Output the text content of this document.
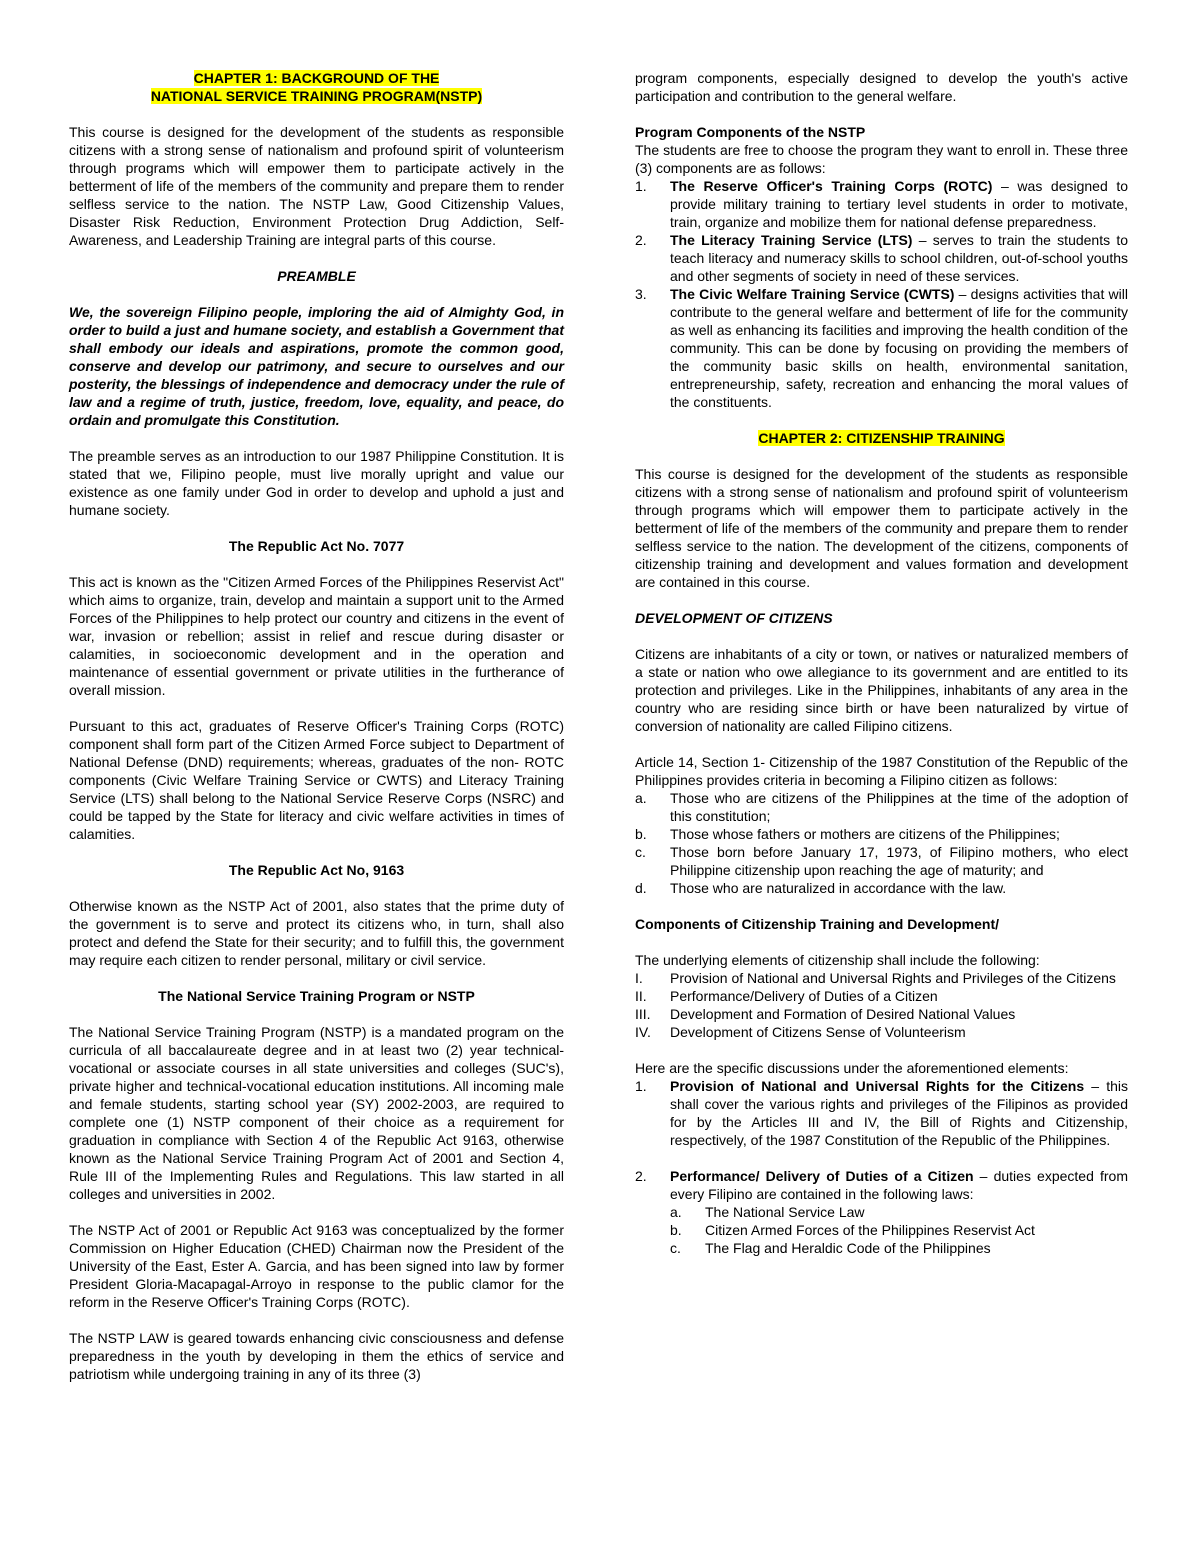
CHAPTER 1: BACKGROUND OF THE
NATIONAL SERVICE TRAINING PROGRAM(NSTP)

This course is designed for the development of the students as responsible citizens with a strong sense of nationalism and profound spirit of volunteerism through programs which will empower them to participate actively in the betterment of life of the members of the community and prepare them to render selfless service to the nation. The NSTP Law, Good Citizenship Values, Disaster Risk Reduction, Environment Protection Drug Addiction, Self-Awareness, and Leadership Training are integral parts of this course.

PREAMBLE

We, the sovereign Filipino people, imploring the aid of Almighty God, in order to build a just and humane society, and establish a Government that shall embody our ideals and aspirations, promote the common good, conserve and develop our patrimony, and secure to ourselves and our posterity, the blessings of independence and democracy under the rule of law and a regime of truth, justice, freedom, love, equality, and peace, do ordain and promulgate this Constitution.

The preamble serves as an introduction to our 1987 Philippine Constitution. It is stated that we, Filipino people, must live morally upright and value our existence as one family under God in order to develop and uphold a just and humane society.

The Republic Act No. 7077

This act is known as the "Citizen Armed Forces of the Philippines Reservist Act" which aims to organize, train, develop and maintain a support unit to the Armed Forces of the Philippines to help protect our country and citizens in the event of war, invasion or rebellion; assist in relief and rescue during disaster or calamities, in socioeconomic development and in the operation and maintenance of essential government or private utilities in the furtherance of overall mission.

Pursuant to this act, graduates of Reserve Officer's Training Corps (ROTC) component shall form part of the Citizen Armed Force subject to Department of National Defense (DND) requirements; whereas, graduates of the non- ROTC components (Civic Welfare Training Service or CWTS) and Literacy Training Service (LTS) shall belong to the National Service Reserve Corps (NSRC) and could be tapped by the State for literacy and civic welfare activities in times of calamities.

The Republic Act No, 9163

Otherwise known as the NSTP Act of 2001, also states that the prime duty of the government is to serve and protect its citizens who, in turn, shall also protect and defend the State for their security; and to fulfill this, the government may require each citizen to render personal, military or civil service.

The National Service Training Program or NSTP

The National Service Training Program (NSTP) is a mandated program on the curricula of all baccalaureate degree and in at least two (2) year technical-vocational or associate courses in all state universities and colleges (SUC's), private higher and technical-vocational education institutions. All incoming male and female students, starting school year (SY) 2002-2003, are required to complete one (1) NSTP component of their choice as a requirement for graduation in compliance with Section 4 of the Republic Act 9163, otherwise known as the National Service Training Program Act of 2001 and Section 4, Rule III of the Implementing Rules and Regulations. This law started in all colleges and universities in 2002.

The NSTP Act of 2001 or Republic Act 9163 was conceptualized by the former Commission on Higher Education (CHED) Chairman now the President of the University of the East, Ester A. Garcia, and has been signed into law by former President Gloria-Macapagal-Arroyo in response to the public clamor for the reform in the Reserve Officer's Training Corps (ROTC).

The NSTP LAW is geared towards enhancing civic consciousness and defense preparedness in the youth by developing in them the ethics of service and patriotism while undergoing training in any of its three (3)

program components, especially designed to develop the youth's active participation and contribution to the general welfare.

Program Components of the NSTP

The students are free to choose the program they want to enroll in. These three (3) components are as follows:

1. The Reserve Officer's Training Corps (ROTC) – was designed to provide military training to tertiary level students in order to motivate, train, organize and mobilize them for national defense preparedness.
2. The Literacy Training Service (LTS) – serves to train the students to teach literacy and numeracy skills to school children, out-of-school youths and other segments of society in need of these services.
3. The Civic Welfare Training Service (CWTS) – designs activities that will contribute to the general welfare and betterment of life for the community as well as enhancing its facilities and improving the health condition of the community. This can be done by focusing on providing the members of the community basic skills on health, environmental sanitation, entrepreneurship, safety, recreation and enhancing the moral values of the constituents.
CHAPTER 2: CITIZENSHIP TRAINING

This course is designed for the development of the students as responsible citizens with a strong sense of nationalism and profound spirit of volunteerism through programs which will empower them to participate actively in the betterment of life of the members of the community and prepare them to render selfless service to the nation. The development of the citizens, components of citizenship training and development and values formation and development are contained in this course.

DEVELOPMENT OF CITIZENS

Citizens are inhabitants of a city or town, or natives or naturalized members of a state or nation who owe allegiance to its government and are entitled to its protection and privileges. Like in the Philippines, inhabitants of any area in the country who are residing since birth or have been naturalized by virtue of conversion of nationality are called Filipino citizens.

Article 14, Section 1- Citizenship of the 1987 Constitution of the Republic of the Philippines provides criteria in becoming a Filipino citizen as follows:

a. Those who are citizens of the Philippines at the time of the adoption of this constitution;
b. Those whose fathers or mothers are citizens of the Philippines;
c. Those born before January 17, 1973, of Filipino mothers, who elect Philippine citizenship upon reaching the age of maturity; and
d. Those who are naturalized in accordance with the law.

Components of Citizenship Training and Development/

The underlying elements of citizenship shall include the following:

I. Provision of National and Universal Rights and Privileges of the Citizens
II. Performance/Delivery of Duties of a Citizen
III. Development and Formation of Desired National Values
IV. Development of Citizens Sense of Volunteerism

Here are the specific discussions under the aforementioned elements:

1. Provision of National and Universal Rights for the Citizens – this shall cover the various rights and privileges of the Filipinos as provided for by the Articles III and IV, the Bill of Rights and Citizenship, respectively, of the 1987 Constitution of the Republic of the Philippines.
2. Performance/ Delivery of Duties of a Citizen – duties expected from every Filipino are contained in the following laws:
a. The National Service Law
b. Citizen Armed Forces of the Philippines Reservist Act
c. The Flag and Heraldic Code of the Philippines
